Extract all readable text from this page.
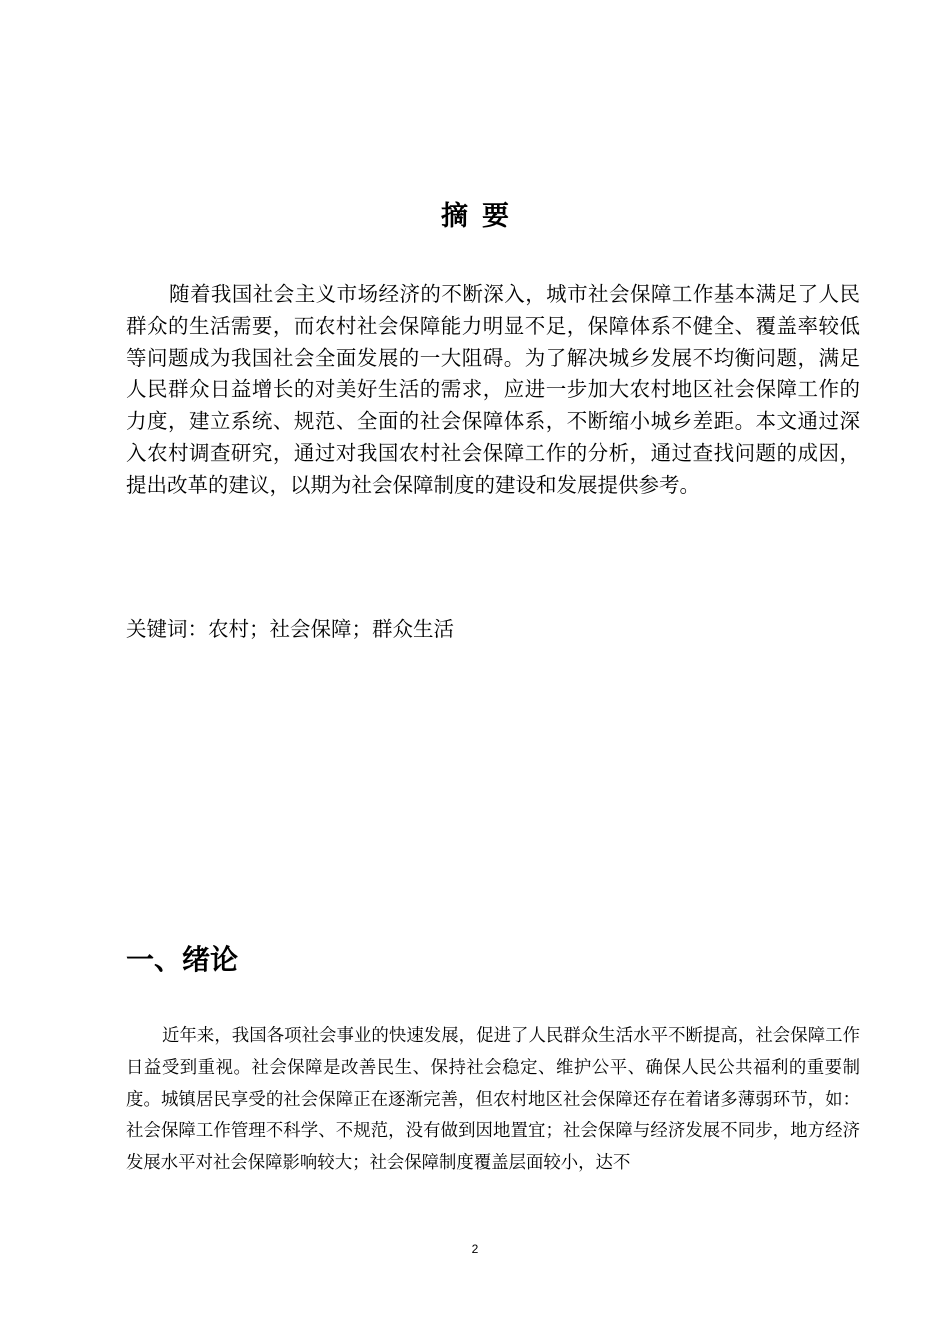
摘要

随着我国社会主义市场经济的不断深入，城市社会保障工作基本满足了人民群众的生活需要，而农村社会保障能力明显不足，保障体系不健全、覆盖率较低等问题成为我国社会全面发展的一大阻碍。为了解决城乡发展不均衡问题，满足人民群众日益增长的对美好生活的需求，应进一步加大农村地区社会保障工作的力度，建立系统、规范、全面的社会保障体系，不断缩小城乡差距。本文通过深入农村调查研究，通过对我国农村社会保障工作的分析，通过查找问题的成因，提出改革的建议，以期为社会保障制度的建设和发展提供参考。

关键词：农村；社会保障；群众生活

一、绪论

近年来，我国各项社会事业的快速发展，促进了人民群众生活水平不断提高，社会保障工作日益受到重视。社会保障是改善民生、保持社会稳定、维护公平、确保人民公共福利的重要制度。城镇居民享受的社会保障正在逐渐完善，但农村地区社会保障还存在着诸多薄弱环节，如：社会保障工作管理不科学、不规范，没有做到因地置宜；社会保障与经济发展不同步，地方经济发展水平对社会保障影响较大；社会保障制度覆盖层面较小，达不

2
